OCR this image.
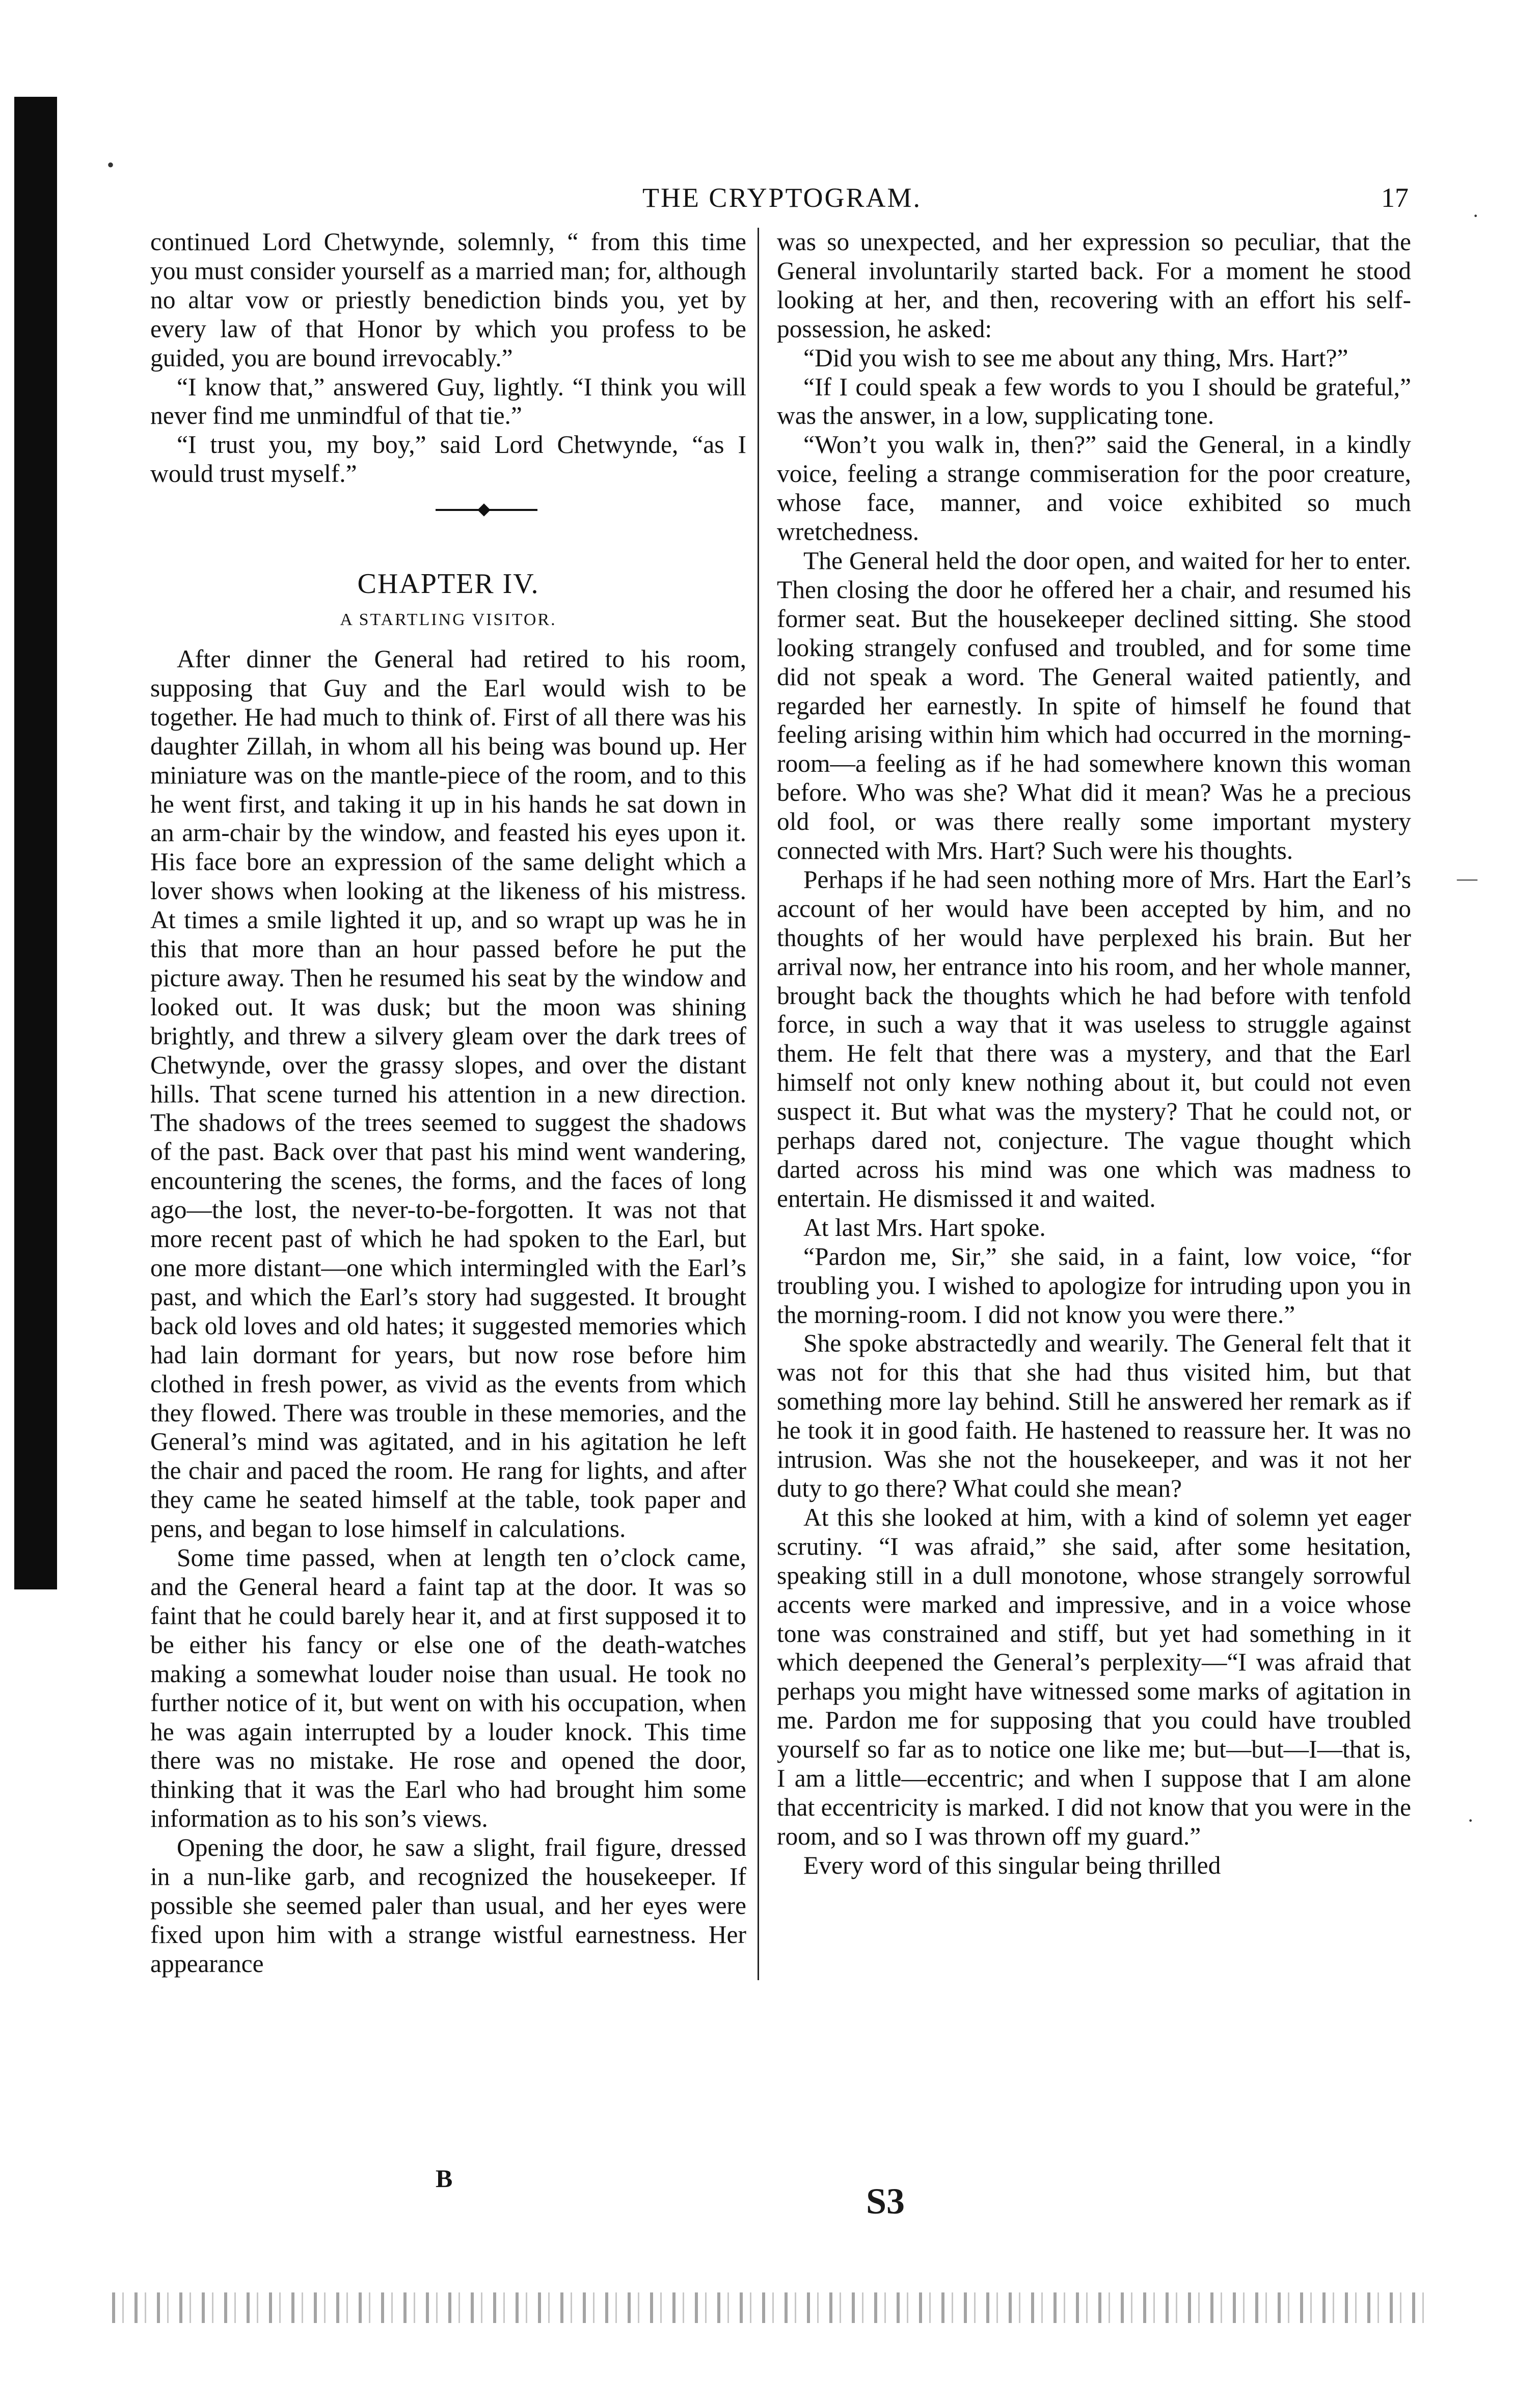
•
·
—
·
THE CRYPTOGRAM.	17

continued Lord Chetwynde, solemnly, “ from this time you must consider yourself as a married man; for, although no altar vow or priestly benediction binds you, yet by every law of that Honor by which you profess to be guided, you are bound irrevocably.”

“I know that,” answered Guy, lightly. “I think you will never find me unmindful of that tie.”

“I trust you, my boy,” said Lord Chetwynde, “as I would trust myself.”

CHAPTER IV.
A STARTLING VISITOR.

After dinner the General had retired to his room, supposing that Guy and the Earl would wish to be together. He had much to think of. First of all there was his daughter Zillah, in whom all his being was bound up. Her miniature was on the mantle-piece of the room, and to this he went first, and taking it up in his hands he sat down in an arm-chair by the window, and feasted his eyes upon it. His face bore an expression of the same delight which a lover shows when looking at the likeness of his mistress. At times a smile lighted it up, and so wrapt up was he in this that more than an hour passed before he put the picture away. Then he resumed his seat by the window and looked out. It was dusk; but the moon was shining brightly, and threw a silvery gleam over the dark trees of Chetwynde, over the grassy slopes, and over the distant hills. That scene turned his attention in a new direction. The shadows of the trees seemed to suggest the shadows of the past. Back over that past his mind went wandering, encountering the scenes, the forms, and the faces of long ago—the lost, the never-to-be-forgotten. It was not that more recent past of which he had spoken to the Earl, but one more distant—one which intermingled with the Earl’s past, and which the Earl’s story had suggested. It brought back old loves and old hates; it suggested memories which had lain dormant for years, but now rose before him clothed in fresh power, as vivid as the events from which they flowed. There was trouble in these memories, and the General’s mind was agitated, and in his agitation he left the chair and paced the room. He rang for lights, and after they came he seated himself at the table, took paper and pens, and began to lose himself in calculations.

Some time passed, when at length ten o’clock came, and the General heard a faint tap at the door. It was so faint that he could barely hear it, and at first supposed it to be either his fancy or else one of the death-watches making a somewhat louder noise than usual. He took no further notice of it, but went on with his occupation, when he was again interrupted by a louder knock. This time there was no mistake. He rose and opened the door, thinking that it was the Earl who had brought him some information as to his son’s views.

Opening the door, he saw a slight, frail figure, dressed in a nun-like garb, and recognized the housekeeper. If possible she seemed paler than usual, and her eyes were fixed upon him with a strange wistful earnestness. Her appearance

was so unexpected, and her expression so peculiar, that the General involuntarily started back. For a moment he stood looking at her, and then, recovering with an effort his self-possession, he asked:

“Did you wish to see me about any thing, Mrs. Hart?”

“If I could speak a few words to you I should be grateful,” was the answer, in a low, supplicating tone.

“Won’t you walk in, then?” said the General, in a kindly voice, feeling a strange commiseration for the poor creature, whose face, manner, and voice exhibited so much wretchedness.

The General held the door open, and waited for her to enter. Then closing the door he offered her a chair, and resumed his former seat. But the housekeeper declined sitting. She stood looking strangely confused and troubled, and for some time did not speak a word. The General waited patiently, and regarded her earnestly. In spite of himself he found that feeling arising within him which had occurred in the morning-room—a feeling as if he had somewhere known this woman before. Who was she? What did it mean? Was he a precious old fool, or was there really some important mystery connected with Mrs. Hart? Such were his thoughts.

Perhaps if he had seen nothing more of Mrs. Hart the Earl’s account of her would have been accepted by him, and no thoughts of her would have perplexed his brain. But her arrival now, her entrance into his room, and her whole manner, brought back the thoughts which he had before with tenfold force, in such a way that it was useless to struggle against them. He felt that there was a mystery, and that the Earl himself not only knew nothing about it, but could not even suspect it. But what was the mystery? That he could not, or perhaps dared not, conjecture. The vague thought which darted across his mind was one which was madness to entertain. He dismissed it and waited.

At last Mrs. Hart spoke.

“Pardon me, Sir,” she said, in a faint, low voice, “for troubling you. I wished to apologize for intruding upon you in the morning-room. I did not know you were there.”

She spoke abstractedly and wearily. The General felt that it was not for this that she had thus visited him, but that something more lay behind. Still he answered her remark as if he took it in good faith. He hastened to reassure her. It was no intrusion. Was she not the housekeeper, and was it not her duty to go there? What could she mean?

At this she looked at him, with a kind of solemn yet eager scrutiny. “I was afraid,” she said, after some hesitation, speaking still in a dull monotone, whose strangely sorrowful accents were marked and impressive, and in a voice whose tone was constrained and stiff, but yet had something in it which deepened the General’s perplexity—“I was afraid that perhaps you might have witnessed some marks of agitation in me. Pardon me for supposing that you could have troubled yourself so far as to notice one like me; but—but—I—that is, I am a little—eccentric; and when I suppose that I am alone that eccentricity is marked. I did not know that you were in the room, and so I was thrown off my guard.”

Every word of this singular being thrilled

B
S3
